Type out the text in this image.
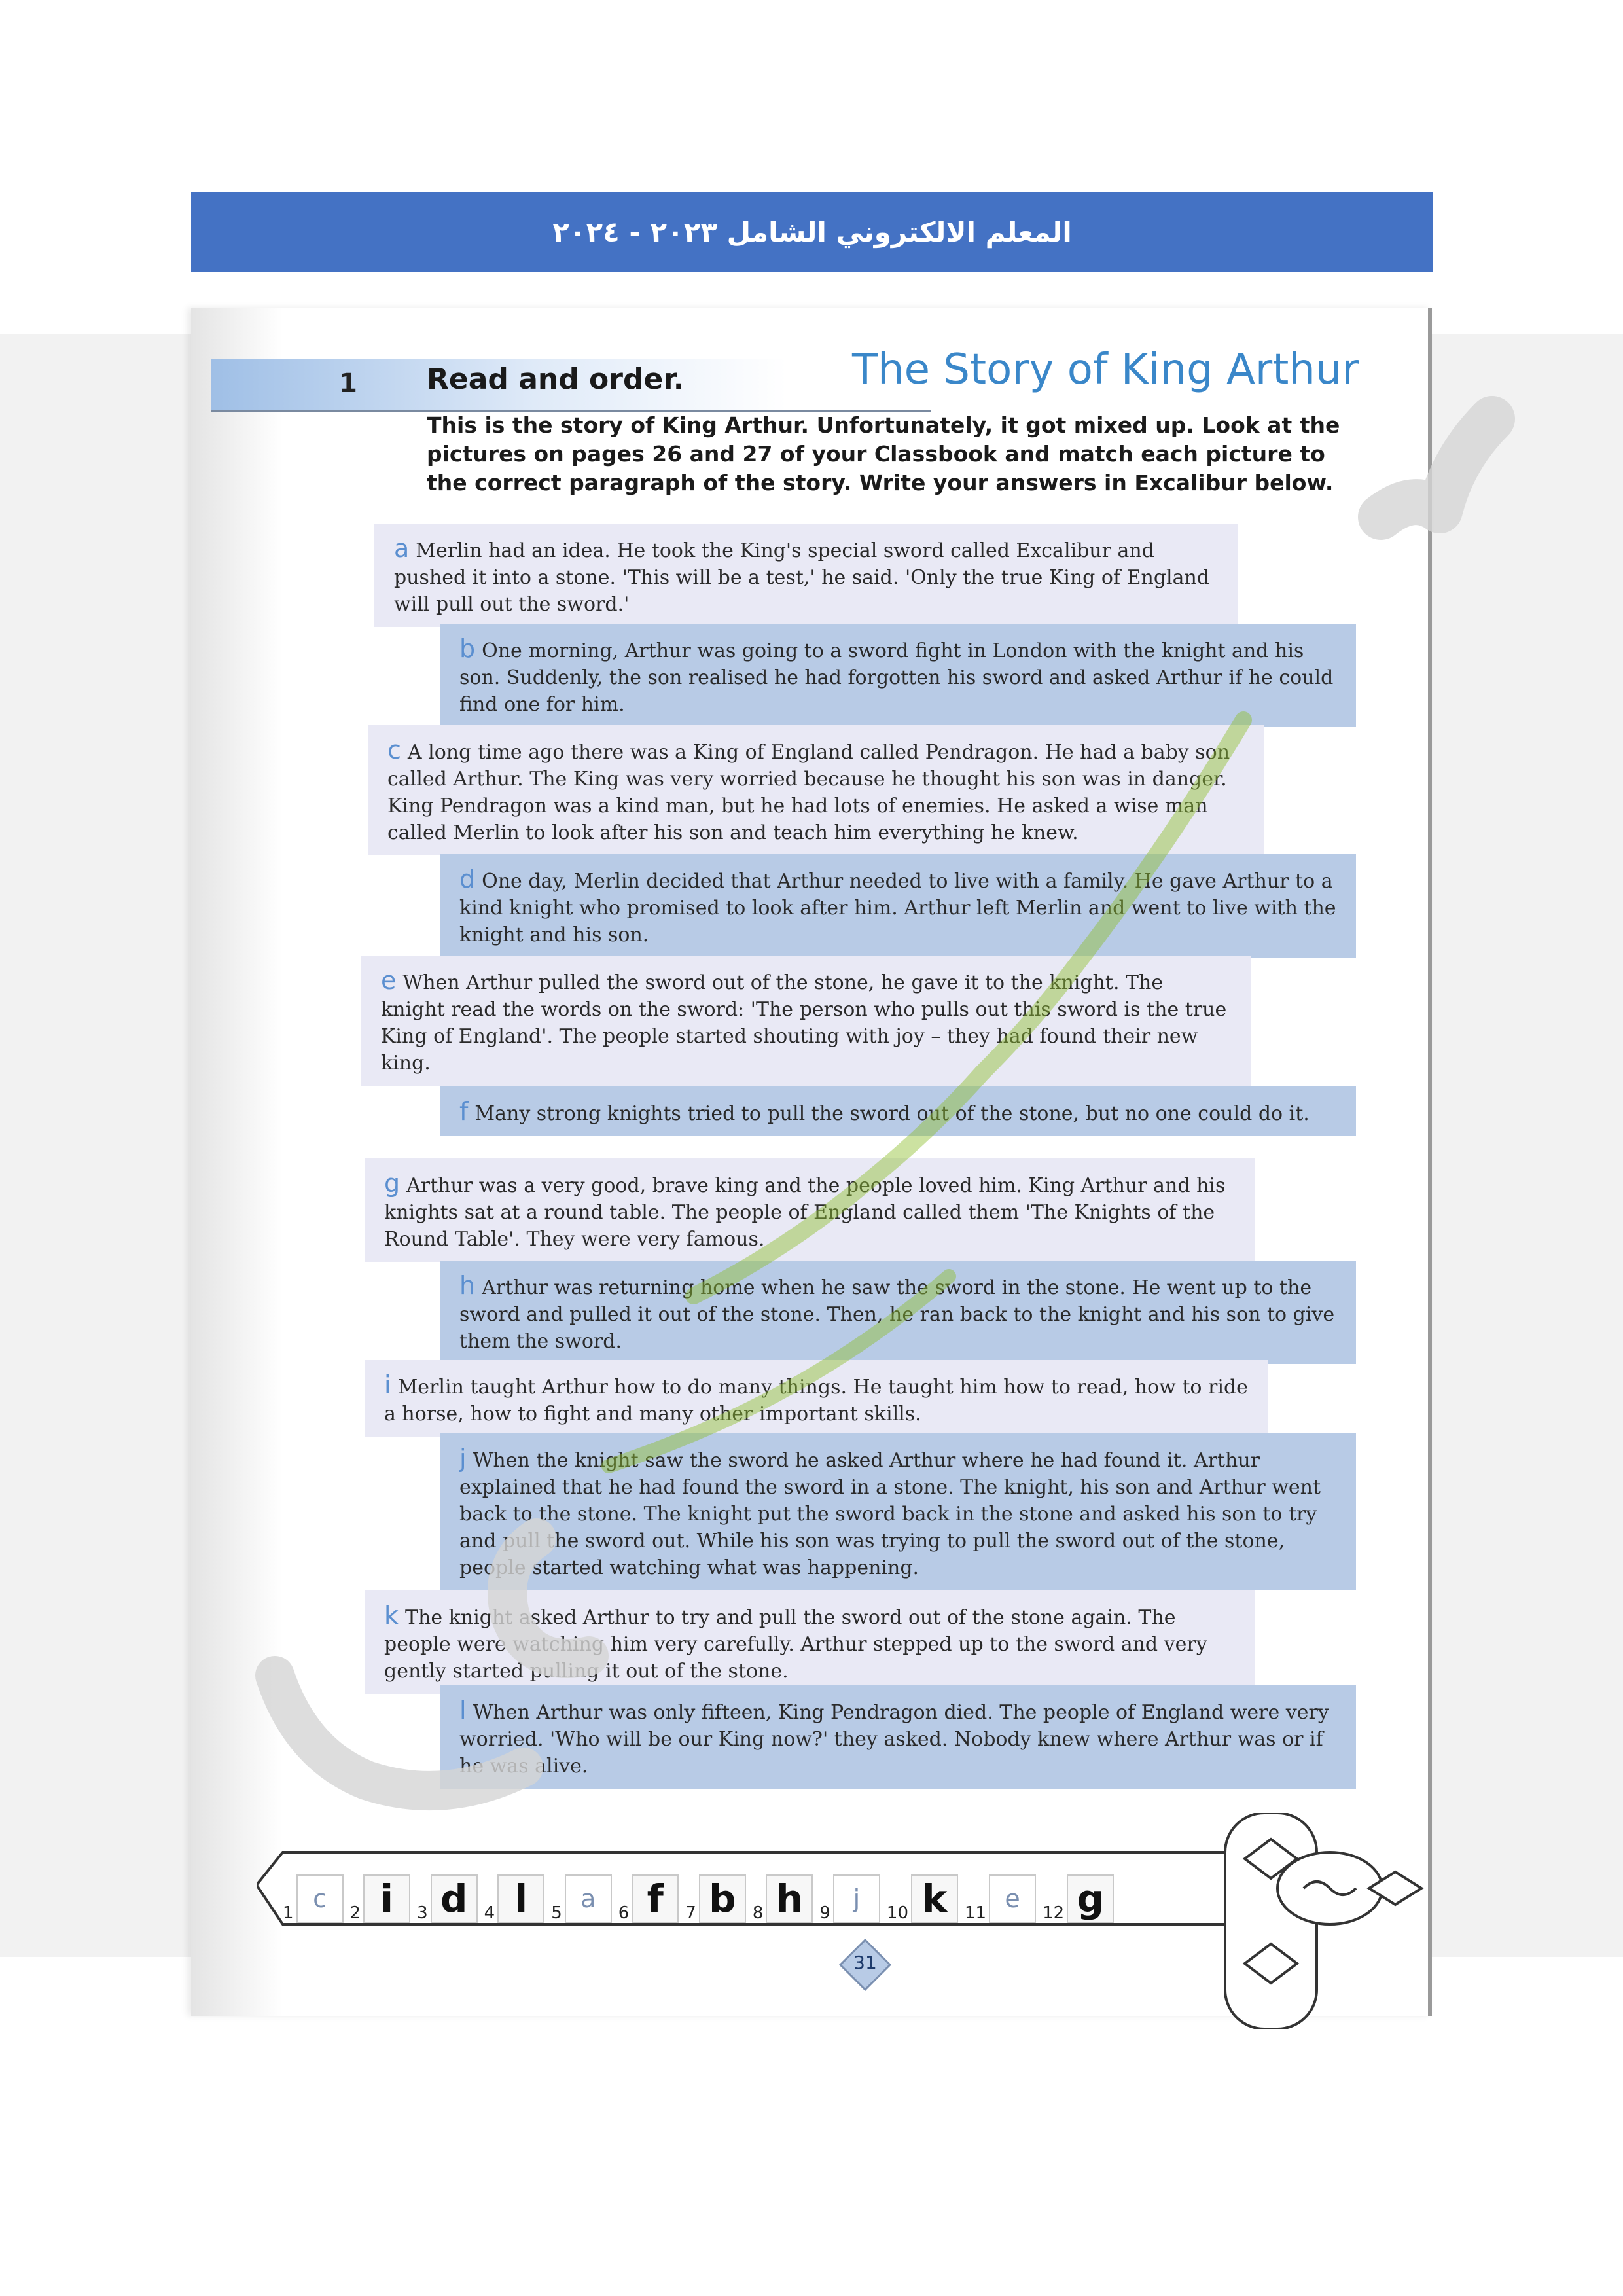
المعلم الالكتروني الشامل ٢٠٢٣ - ٢٠٢٤
1	Read and order.	The Story of King Arthur
This is the story of King Arthur. Unfortunately, it got mixed up. Look at the pictures on pages 26 and 27 of your Classbook and match each picture to the correct paragraph of the story. Write your answers in Excalibur below.
a Merlin had an idea. He took the King's special sword called Excalibur and pushed it into a stone. 'This will be a test,' he said. 'Only the true King of England will pull out the sword.'
b One morning, Arthur was going to a sword fight in London with the knight and his son. Suddenly, the son realised he had forgotten his sword and asked Arthur if he could find one for him.
c A long time ago there was a King of England called Pendragon. He had a baby son called Arthur. The King was very worried because he thought his son was in danger. King Pendragon was a kind man, but he had lots of enemies. He asked a wise man called Merlin to look after his son and teach him everything he knew.
d One day, Merlin decided that Arthur needed to live with a family. He gave Arthur to a kind knight who promised to look after him. Arthur left Merlin and went to live with the knight and his son.
e When Arthur pulled the sword out of the stone, he gave it to the knight. The knight read the words on the sword: 'The person who pulls out this sword is the true King of England'. The people started shouting with joy – they had found their new king.
f Many strong knights tried to pull the sword out of the stone, but no one could do it.
g Arthur was a very good, brave king and the people loved him. King Arthur and his knights sat at a round table. The people of England called them 'The Knights of the Round Table'. They were very famous.
h Arthur was returning home when he saw the sword in the stone. He went up to the sword and pulled it out of the stone. Then, he ran back to the knight and his son to give them the sword.
i Merlin taught Arthur how to do many things. He taught him how to read, how to ride a horse, how to fight and many other important skills.
j When the knight saw the sword he asked Arthur where he had found it. Arthur explained that he had found the sword in a stone. The knight, his son and Arthur went back to the stone. The knight put the sword back in the stone and asked his son to try and pull the sword out. While his son was trying to pull the sword out of the stone, people started watching what was happening.
k The knight asked Arthur to try and pull the sword out of the stone again. The people were watching him very carefully. Arthur stepped up to the sword and very gently started pulling it out of the stone.
l When Arthur was only fifteen, King Pendragon died. The people of England were very worried. 'Who will be our King now?' they asked. Nobody knew where Arthur was or if he was alive.
1 c	2 i	3 d 4 l	5 a	6 f	7 b 8 h 9 j	10 k	11 e	12 g
31
